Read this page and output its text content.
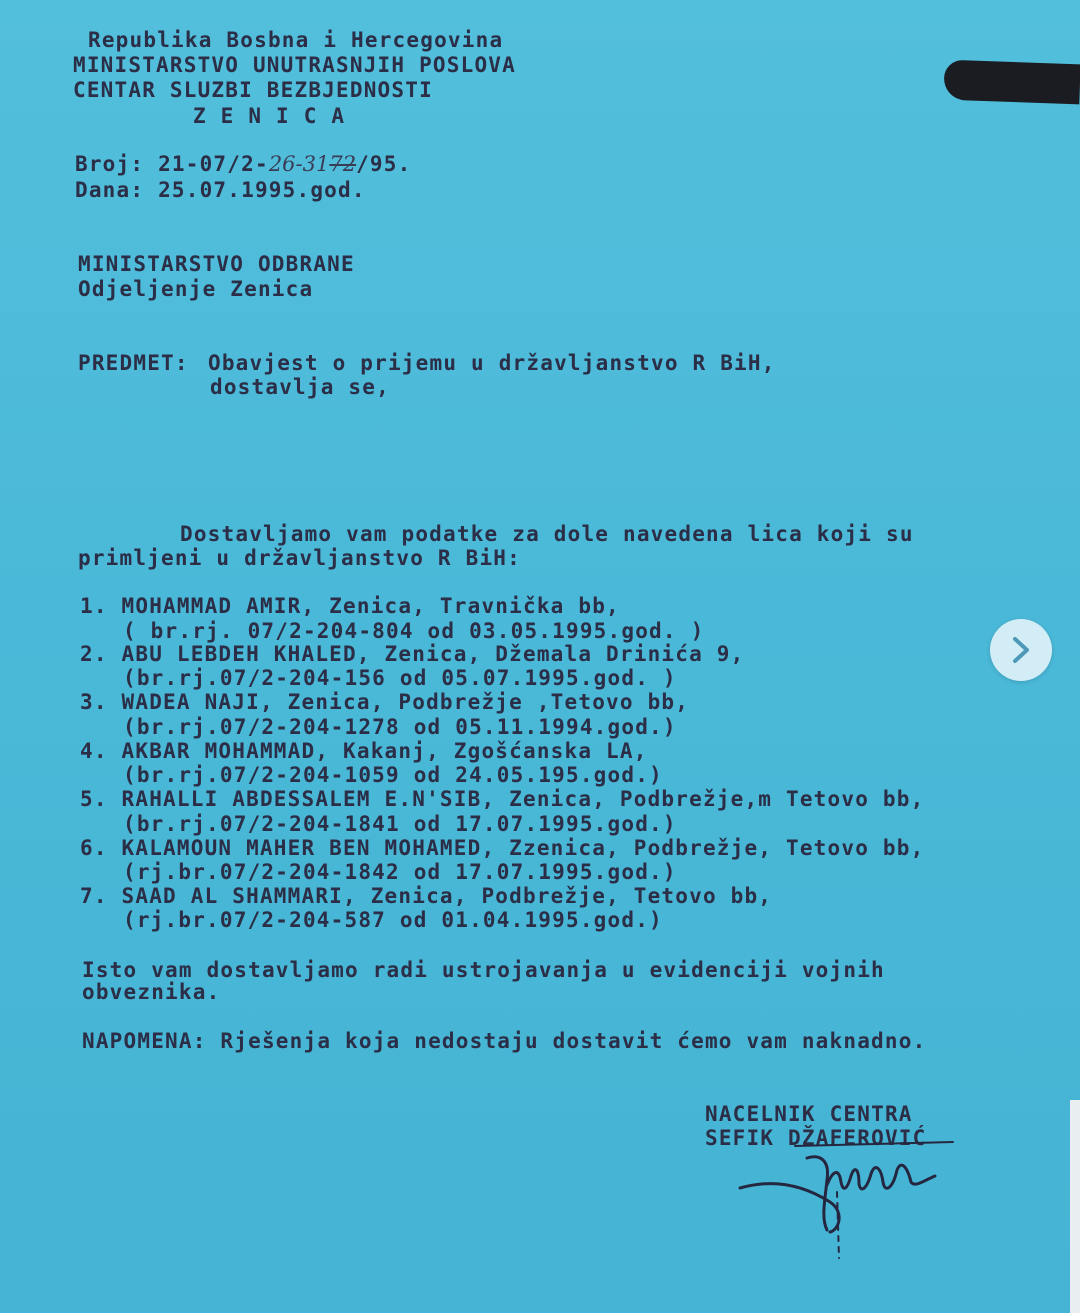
Republika Bosbna i Hercegovina
MINISTARSTVO UNUTRASNJIH POSLOVA
CENTAR SLUZBI BEZBJEDNOSTI
Z E N I C A
Broj: 21-07/2-26-3172/95.
Dana: 25.07.1995.god.
MINISTARSTVO ODBRANE
Odjeljenje Zenica
PREDMET: Obavjest o prijemu u državljanstvo R BiH,
dostavlja se,
Dostavljamo vam podatke za dole navedena lica koji su
primljeni u državljanstvo R BiH:
1. MOHAMMAD AMIR, Zenica, Travnička bb,
( br.rj. 07/2-204-804 od 03.05.1995.god. )
2. ABU LEBDEH KHALED, Zenica, Džemala Drinića 9,
(br.rj.07/2-204-156 od 05.07.1995.god. )
3. WADEA NAJI, Zenica, Podbrežje ,Tetovo bb,
(br.rj.07/2-204-1278 od 05.11.1994.god.)
4. AKBAR MOHAMMAD, Kakanj, Zgošćanska LA,
(br.rj.07/2-204-1059 od 24.05.195.god.)
5. RAHALLI ABDESSALEM E.N'SIB, Zenica, Podbrežje,m Tetovo bb,
(br.rj.07/2-204-1841 od 17.07.1995.god.)
6. KALAMOUN MAHER BEN MOHAMED, Zzenica, Podbrežje, Tetovo bb,
(rj.br.07/2-204-1842 od 17.07.1995.god.)
7. SAAD AL SHAMMARI, Zenica, Podbrežje, Tetovo bb,
(rj.br.07/2-204-587 od 01.04.1995.god.)
Isto vam dostavljamo radi ustrojavanja u evidenciji vojnih
obveznika.
NAPOMENA: Rješenja koja nedostaju dostavit ćemo vam naknadno.
NACELNIK CENTRA
SEFIK DŽAFEROVIĆ
